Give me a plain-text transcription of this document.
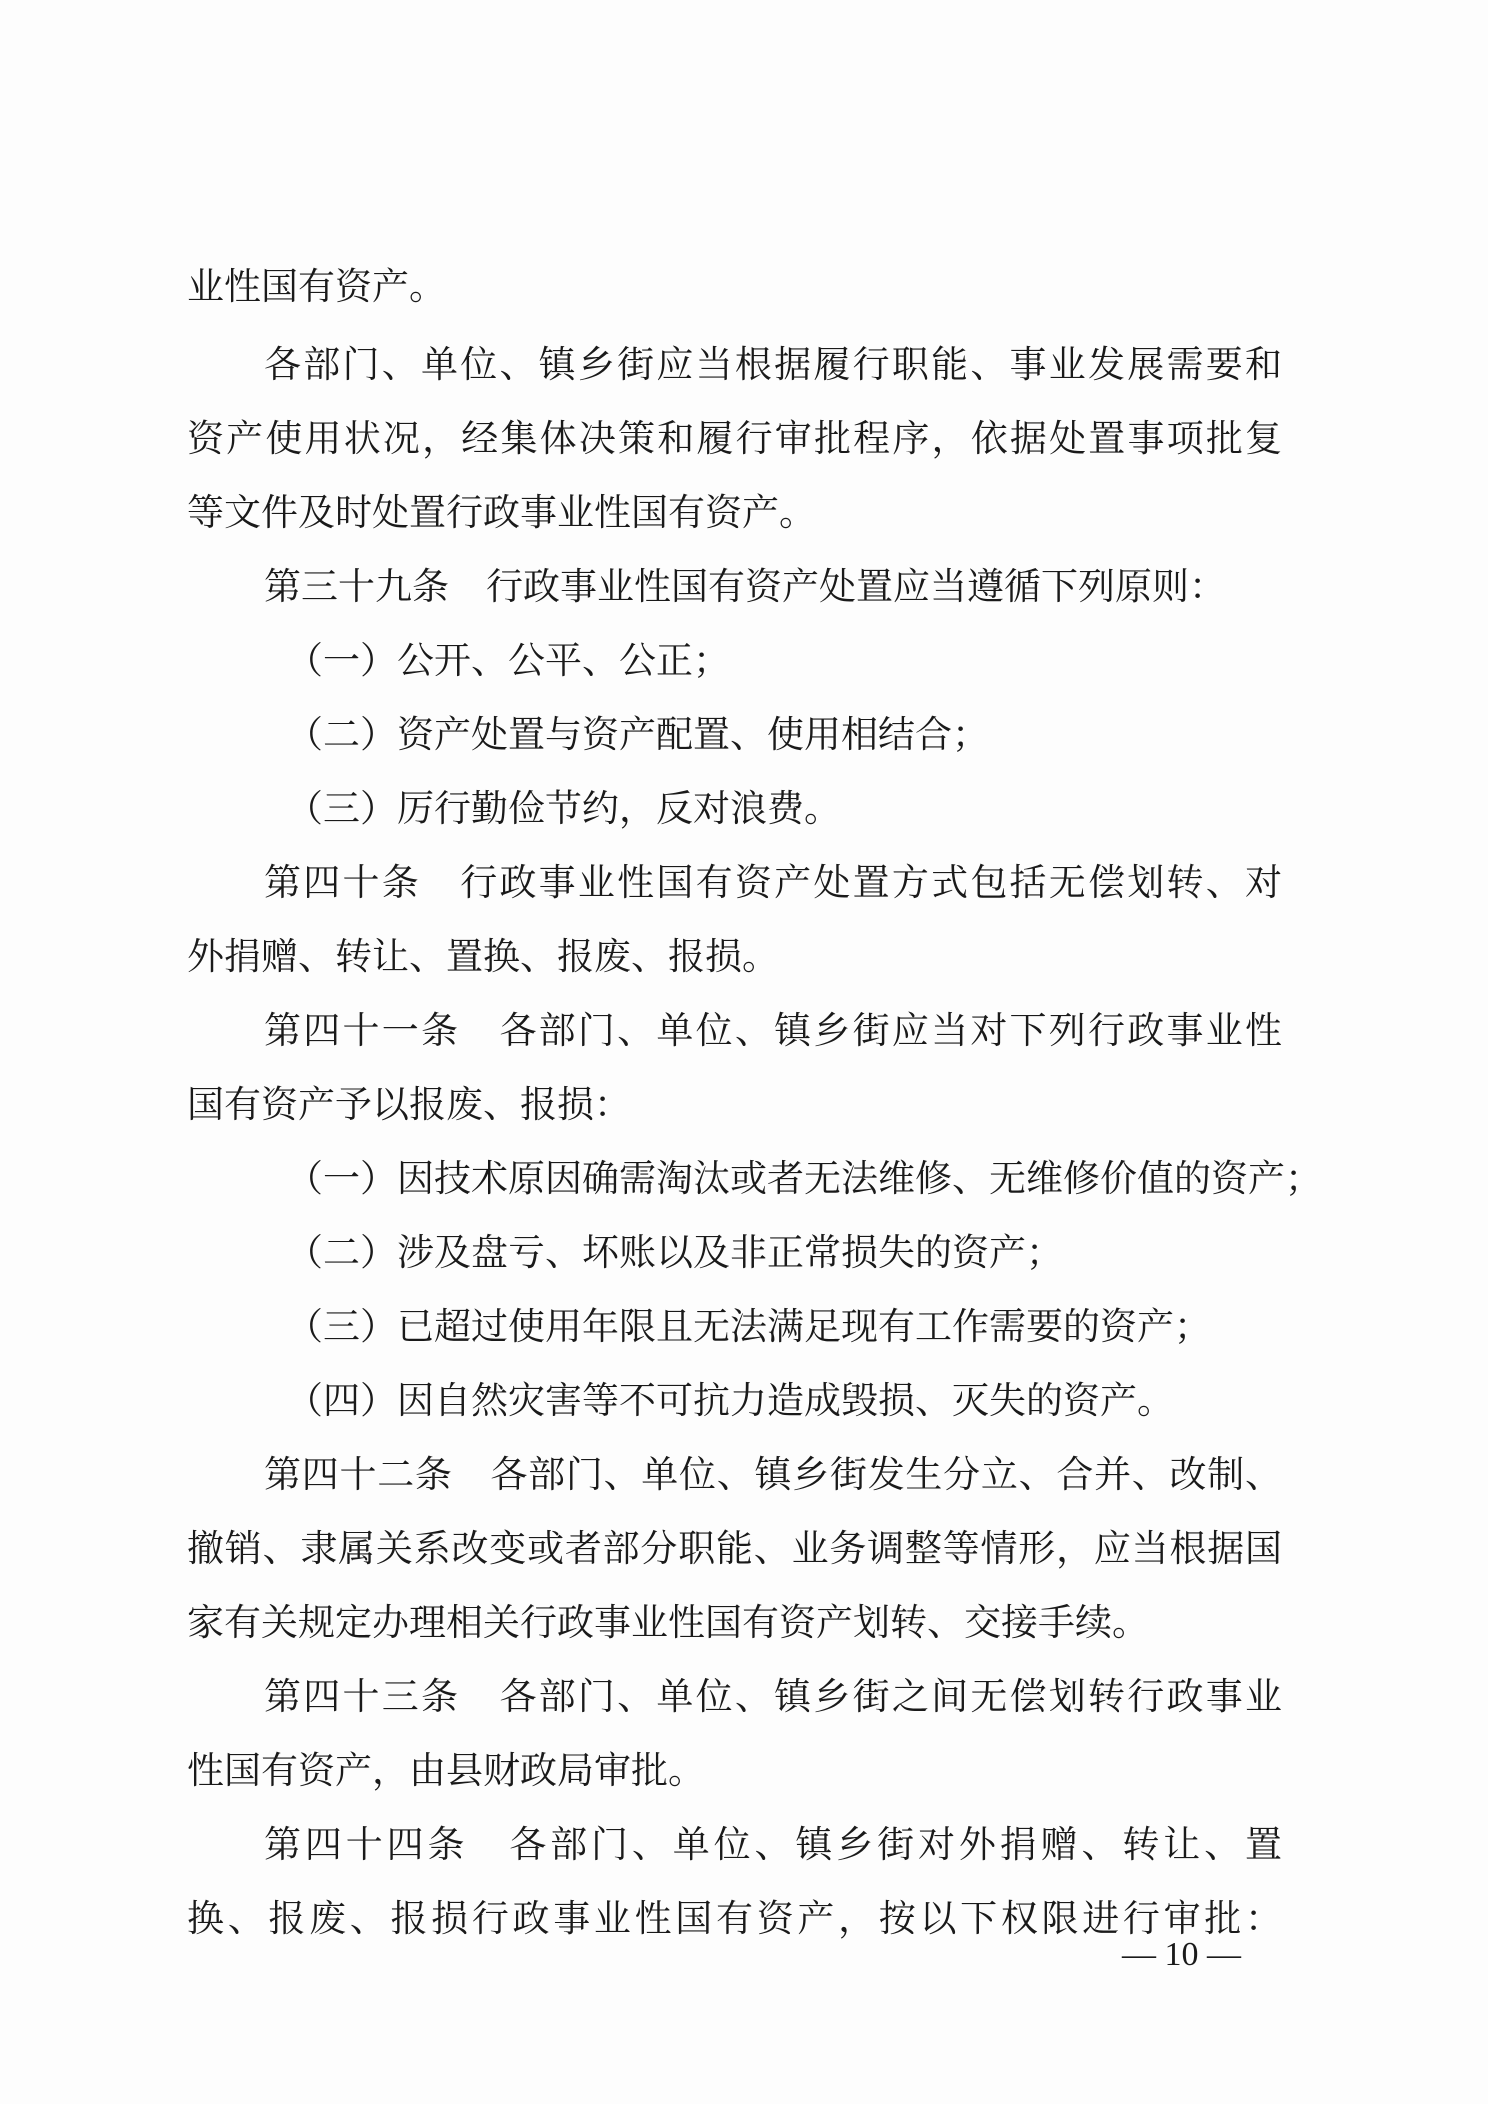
业性国有资产。
各部门、单位、镇乡街应当根据履行职能、事业发展需要和
资产使用状况，经集体决策和履行审批程序，依据处置事项批复
等文件及时处置行政事业性国有资产。
第三十九条　行政事业性国有资产处置应当遵循下列原则：
（一）公开、公平、公正；
（二）资产处置与资产配置、使用相结合；
（三）厉行勤俭节约，反对浪费。
第四十条　行政事业性国有资产处置方式包括无偿划转、对
外捐赠、转让、置换、报废、报损。
第四十一条　各部门、单位、镇乡街应当对下列行政事业性
国有资产予以报废、报损：
（一）因技术原因确需淘汰或者无法维修、无维修价值的资产；
（二）涉及盘亏、坏账以及非正常损失的资产；
（三）已超过使用年限且无法满足现有工作需要的资产；
（四）因自然灾害等不可抗力造成毁损、灭失的资产。
第四十二条　各部门、单位、镇乡街发生分立、合并、改制、
撤销、隶属关系改变或者部分职能、业务调整等情形，应当根据国
家有关规定办理相关行政事业性国有资产划转、交接手续。
第四十三条　各部门、单位、镇乡街之间无偿划转行政事业
性国有资产，由县财政局审批。
第四十四条　各部门、单位、镇乡街对外捐赠、转让、置
换、报废、报损行政事业性国有资产，按以下权限进行审批：
— 10 —
